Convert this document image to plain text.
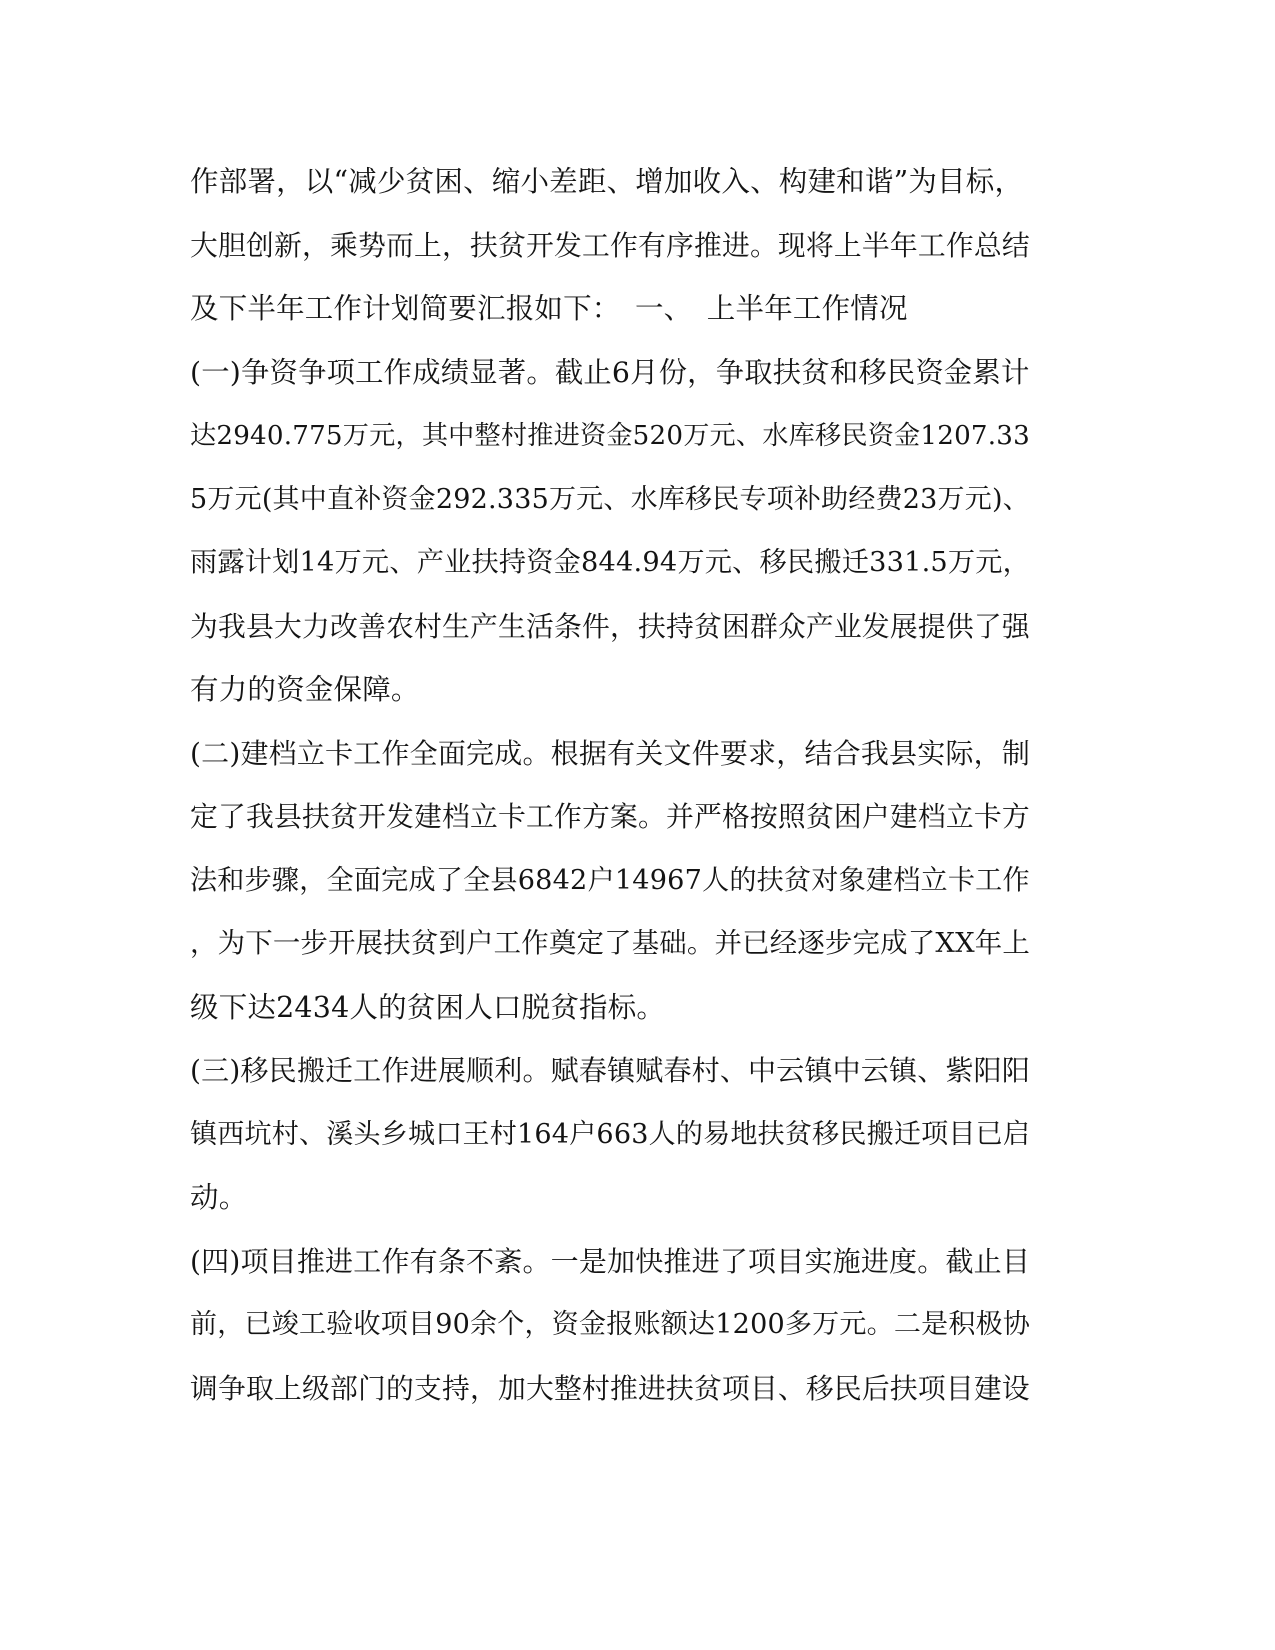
作部署，以“减少贫困、缩小差距、增加收入、构建和谐”为目标，
大胆创新，乘势而上，扶贫开发工作有序推进。现将上半年工作总结
及下半年工作计划简要汇报如下：　一、　上半年工作情况
(一)争资争项工作成绩显著。截止6月份，争取扶贫和移民资金累计
达2940.775万元，其中整村推进资金520万元、水库移民资金1207.33
5万元(其中直补资金292.335万元、水库移民专项补助经费23万元)、
雨露计划14万元、产业扶持资金844.94万元、移民搬迁331.5万元，
为我县大力改善农村生产生活条件，扶持贫困群众产业发展提供了强
有力的资金保障。
(二)建档立卡工作全面完成。根据有关文件要求，结合我县实际，制
定了我县扶贫开发建档立卡工作方案。并严格按照贫困户建档立卡方
法和步骤，全面完成了全县6842户14967人的扶贫对象建档立卡工作
，为下一步开展扶贫到户工作奠定了基础。并已经逐步完成了XX年上
级下达2434人的贫困人口脱贫指标。
(三)移民搬迁工作进展顺利。赋春镇赋春村、中云镇中云镇、紫阳阳
镇西坑村、溪头乡城口王村164户663人的易地扶贫移民搬迁项目已启
动。
(四)项目推进工作有条不紊。一是加快推进了项目实施进度。截止目
前，已竣工验收项目90余个，资金报账额达1200多万元。二是积极协
调争取上级部门的支持，加大整村推进扶贫项目、移民后扶项目建设
